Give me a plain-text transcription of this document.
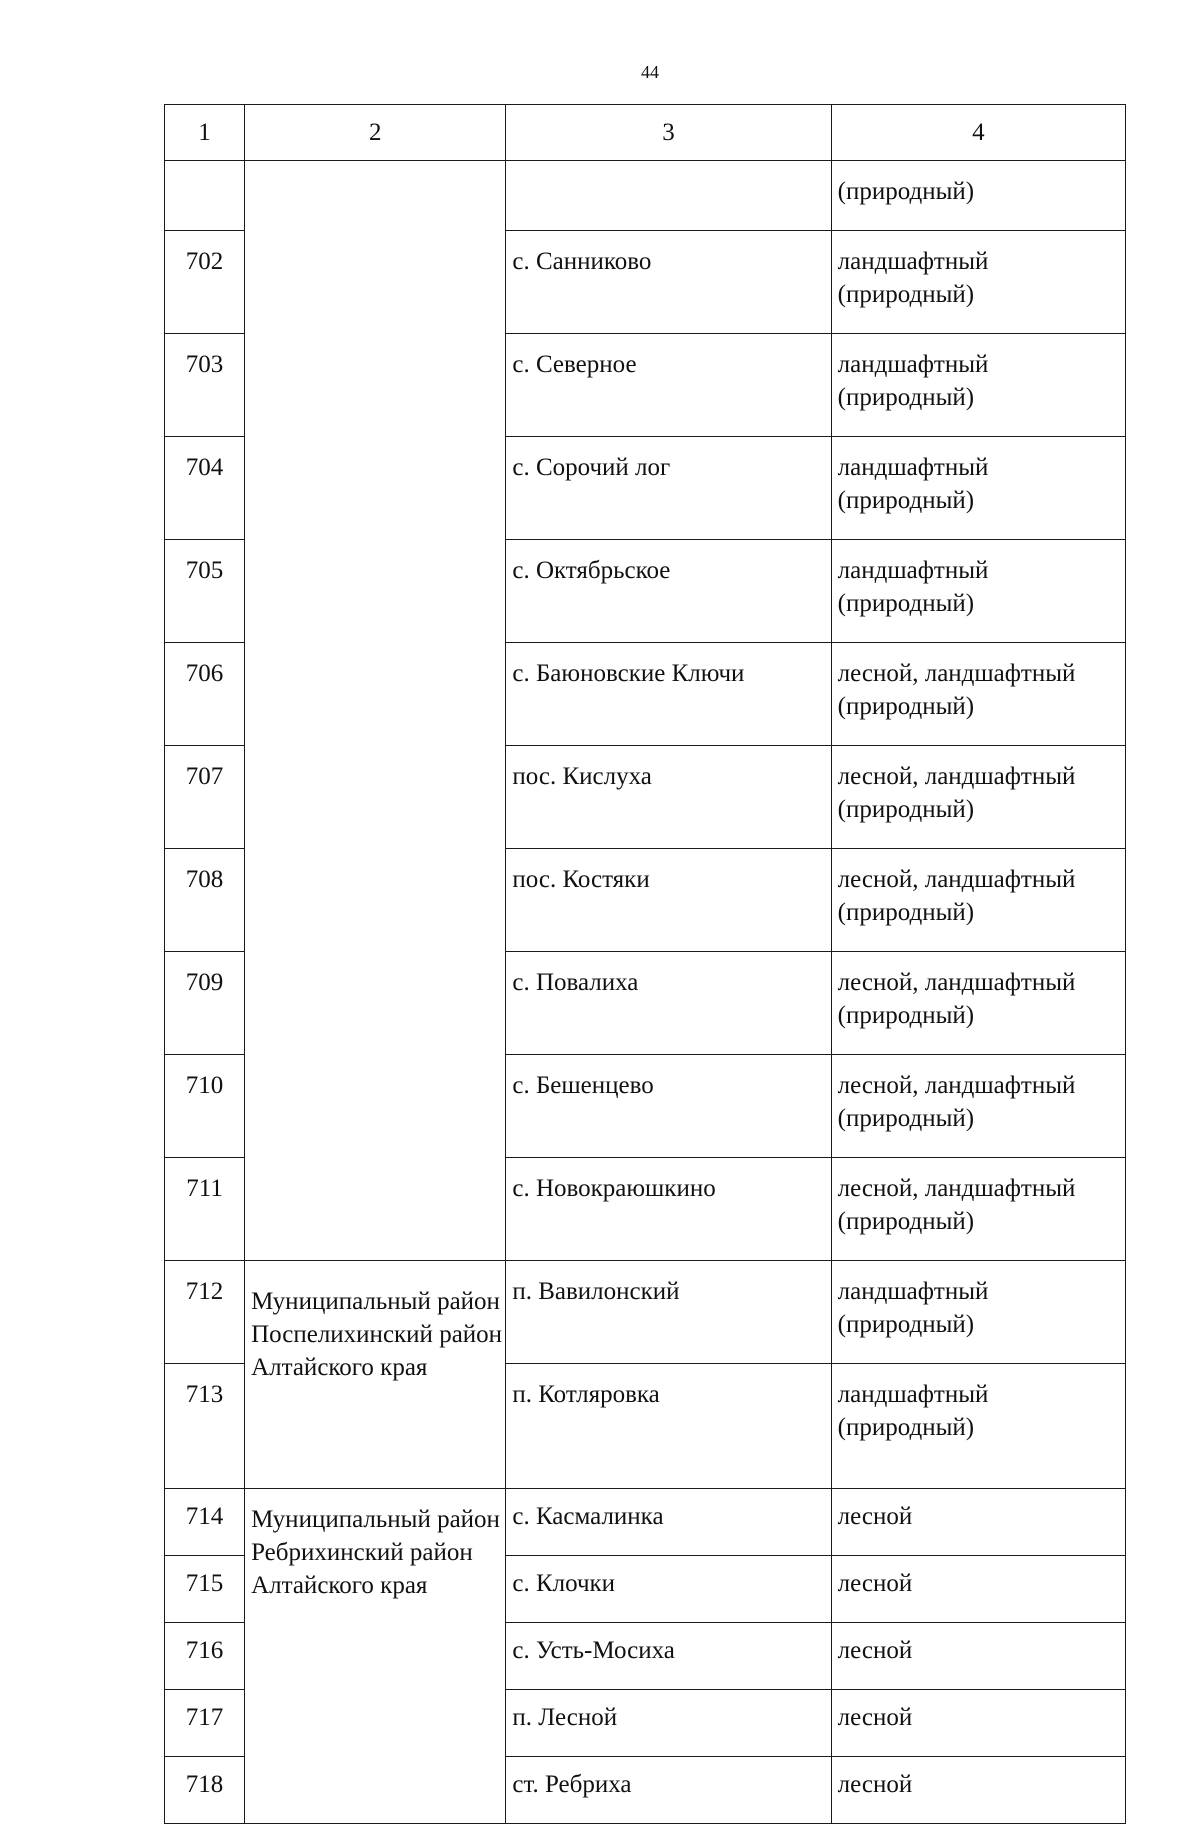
44
1	2	3	4
			(природный)
702		с. Санниково	ландшафтный (природный)
703		с. Северное	ландшафтный (природный)
704		с. Сорочий лог	ландшафтный (природный)
705		с. Октябрьское	ландшафтный (природный)
706		с. Баюновские Ключи	лесной, ландшафтный (природный)
707		пос. Кислуха	лесной, ландшафтный (природный)
708		пос. Костяки	лесной, ландшафтный (природный)
709		с. Повалиха	лесной, ландшафтный (природный)
710		с. Бешенцево	лесной, ландшафтный (природный)
711		с. Новокраюшкино	лесной, ландшафтный (природный)
712	Муниципальный район Поспелихинский район Алтайского края	п. Вавилонский	ландшафтный (природный)
713		п. Котляровка	ландшафтный (природный)
714	Муниципальный район Ребрихинский район Алтайского края	с. Касмалинка	лесной
715		с. Клочки	лесной
716		с. Усть-Мосиха	лесной
717		п. Лесной	лесной
718		ст. Ребриха	лесной
